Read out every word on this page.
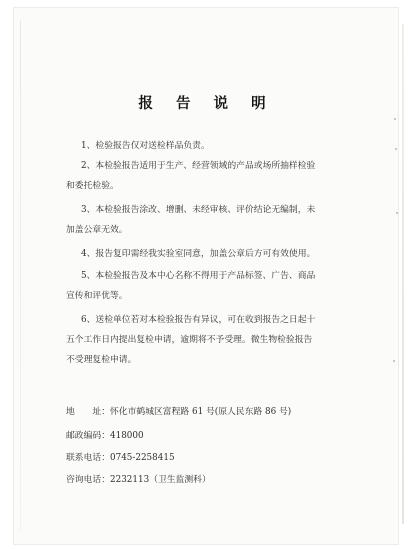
报 告 说 明
1、检验报告仅对送检样品负责。
2、本检验报告适用于生产、经营领域的产品或场所抽样检验
和委托检验。
3、本检验报告涂改、增删、未经审核、评价结论无编制，未
加盖公章无效。
4、报告复印需经我实验室同意，加盖公章后方可有效使用。
5、本检验报告及本中心名称不得用于产品标签、广告、商品
宣传和评优等。
6、送检单位若对本检验报告有异议，可在收到报告之日起十
五个工作日内提出复检申请，逾期将不予受理。微生物检验报告
不受理复检申请。
地　　址：怀化市鹤城区富程路 61 号(原人民东路 86 号)
邮政编码：418000
联系电话：0745-2258415
咨询电话：2232113（卫生监测科）
